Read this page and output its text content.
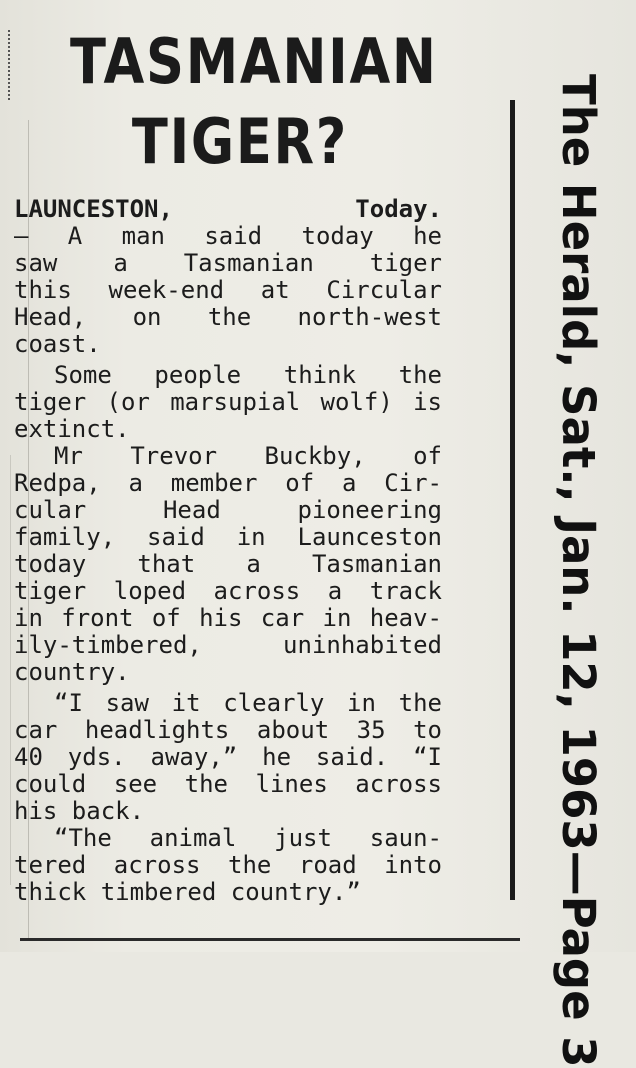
TASMANIAN
TIGER?
LAUNCESTON, Today.
— A man said today he
saw a Tasmanian tiger
this week-end at Circular
Head, on the north-west
coast.
Some people think the
tiger (or marsupial wolf) is
extinct.
Mr Trevor Buckby, of
Redpa, a member of a Cir-
cular Head pioneering
family, said in Launceston
today that a Tasmanian
tiger loped across a track
in front of his car in heav-
ily-timbered, uninhabited
country.
“I saw it clearly in the
car headlights about 35 to
40 yds. away,” he said. “I
could see the lines across
his back.
“The animal just saun-
tered across the road into
thick timbered country.”	The Herald, Sat., Jan. 12, 1963—Page 3
